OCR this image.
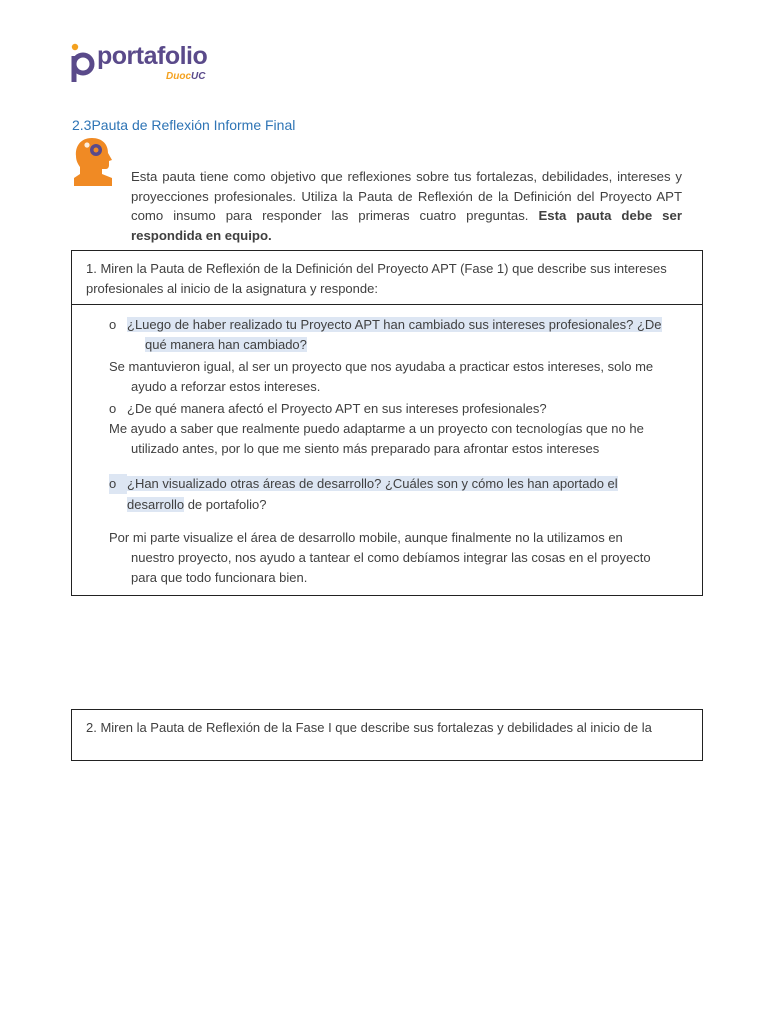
portafolio
DuocUC
2.3Pauta de Reflexión Informe Final
Esta pauta tiene como objetivo que reflexiones sobre tus fortalezas, debilidades, intereses y proyecciones profesionales. Utiliza la Pauta de Reflexión de la Definición del Proyecto APT como insumo para responder las primeras cuatro preguntas. Esta pauta debe ser respondida en equipo.
1. Miren la Pauta de Reflexión de la Definición del Proyecto APT (Fase 1) que describe sus intereses profesionales al inicio de la asignatura y responde:
o ¿Luego de haber realizado tu Proyecto APT han cambiado sus intereses profesionales? ¿De
qué manera han cambiado?
Se mantuvieron igual, al ser un proyecto que nos ayudaba a practicar estos intereses, solo me
ayudo a reforzar estos intereses.
o ¿De qué manera afectó el Proyecto APT en sus intereses profesionales?
Me ayudo a saber que realmente puedo adaptarme a un proyecto con tecnologías que no he
utilizado antes, por lo que me siento más preparado para afrontar estos intereses
o ¿Han visualizado otras áreas de desarrollo? ¿Cuáles son y cómo les han aportado el
desarrollo de portafolio?
Por mi parte visualize el área de desarrollo mobile, aunque finalmente no la utilizamos en
nuestro proyecto, nos ayudo a tantear el como debíamos integrar las cosas en el proyecto
para que todo funcionara bien.
2. Miren la Pauta de Reflexión de la Fase I que describe sus fortalezas y debilidades al inicio de la
